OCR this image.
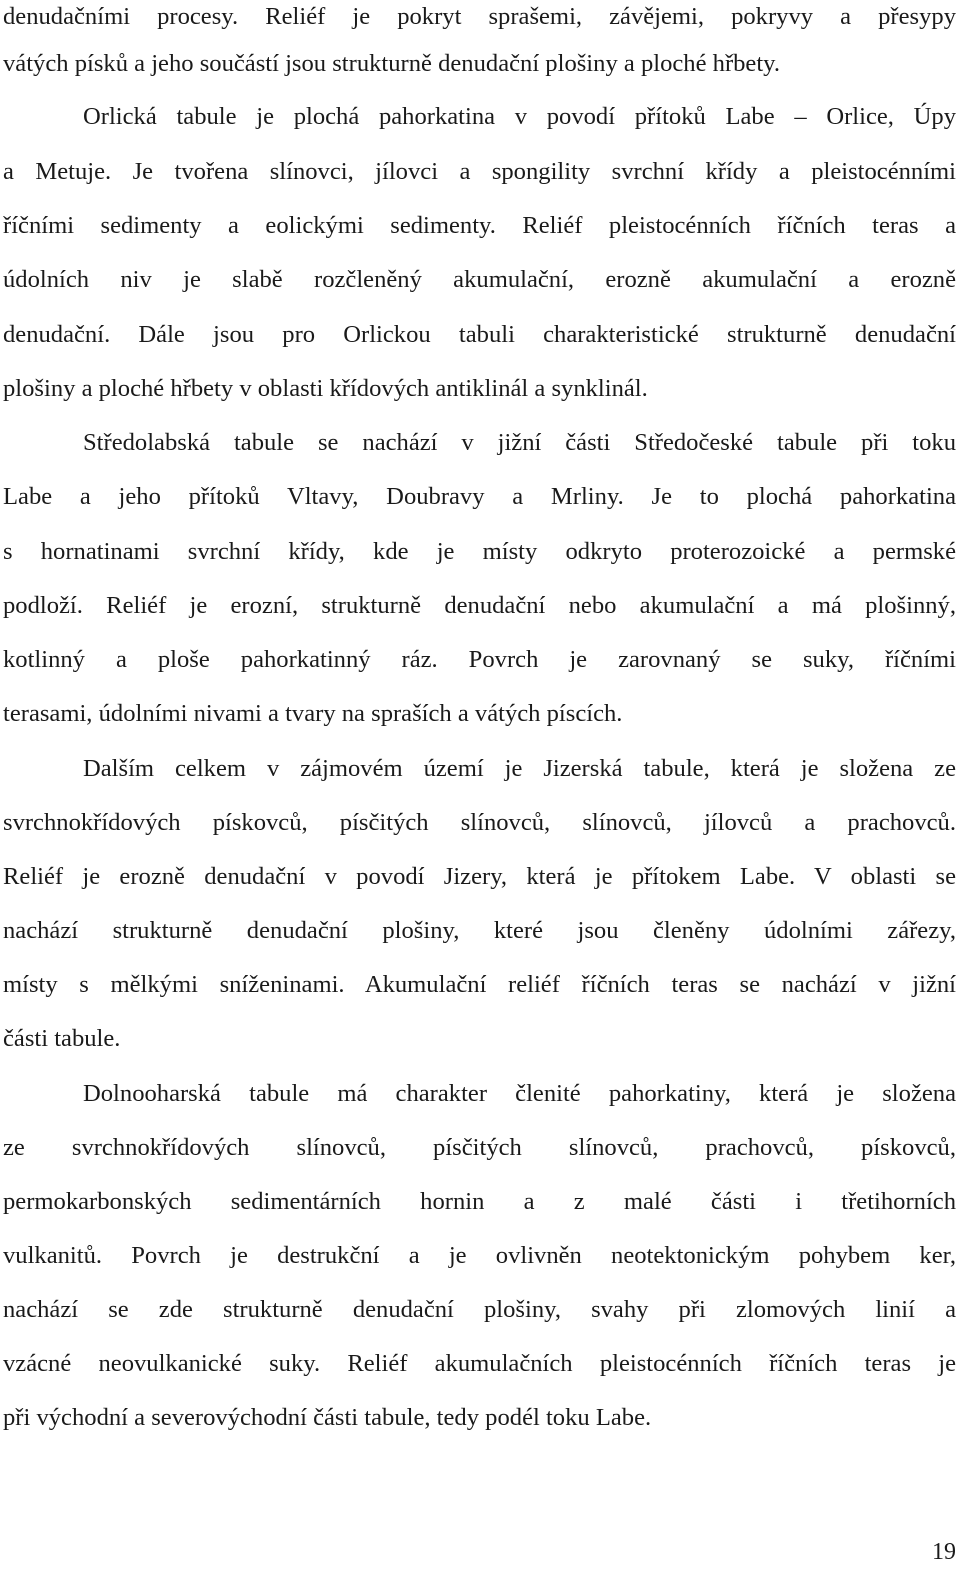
denudačními procesy. Reliéf je pokryt sprašemi, závějemi, pokryvy a přesypy
vátých písků a jeho součástí jsou strukturně denudační plošiny a ploché hřbety.
Orlická tabule je plochá pahorkatina v povodí přítoků Labe – Orlice, Úpy
a Metuje. Je tvořena slínovci, jílovci a spongility svrchní křídy a pleistocénními
říčními sedimenty a eolickými sedimenty. Reliéf pleistocénních říčních teras a
údolních niv je slabě rozčleněný akumulační, erozně akumulační a erozně
denudační. Dále jsou pro Orlickou tabuli charakteristické strukturně denudační
plošiny a ploché hřbety v oblasti křídových antiklinál a synklinál.
Středolabská tabule se nachází v jižní části Středočeské tabule při toku
Labe a jeho přítoků Vltavy, Doubravy a Mrliny. Je to plochá pahorkatina
s hornatinami svrchní křídy, kde je místy odkryto proterozoické a permské
podloží. Reliéf je erozní, strukturně denudační nebo akumulační a má plošinný,
kotlinný a ploše pahorkatinný ráz. Povrch je zarovnaný se suky, říčními
terasami, údolními nivami a tvary na spraších a vátých píscích.
Dalším celkem v zájmovém území je Jizerská tabule, která je složena ze
svrchnokřídových pískovců, písčitých slínovců, slínovců, jílovců a prachovců.
Reliéf je erozně denudační v povodí Jizery, která je přítokem Labe. V oblasti se
nachází strukturně denudační plošiny, které jsou členěny údolními zářezy,
místy s mělkými sníženinami. Akumulační reliéf říčních teras se nachází v jižní
části tabule.
Dolnooharská tabule má charakter členité pahorkatiny, která je složena
ze svrchnokřídových slínovců, písčitých slínovců, prachovců, pískovců,
permokarbonských sedimentárních hornin a z malé části i třetihorních
vulkanitů. Povrch je destrukční a je ovlivněn neotektonickým pohybem ker,
nachází se zde strukturně denudační plošiny, svahy při zlomových linií a
vzácné neovulkanické suky. Reliéf akumulačních pleistocénních říčních teras je
při východní a severovýchodní části tabule, tedy podél toku Labe.
19
